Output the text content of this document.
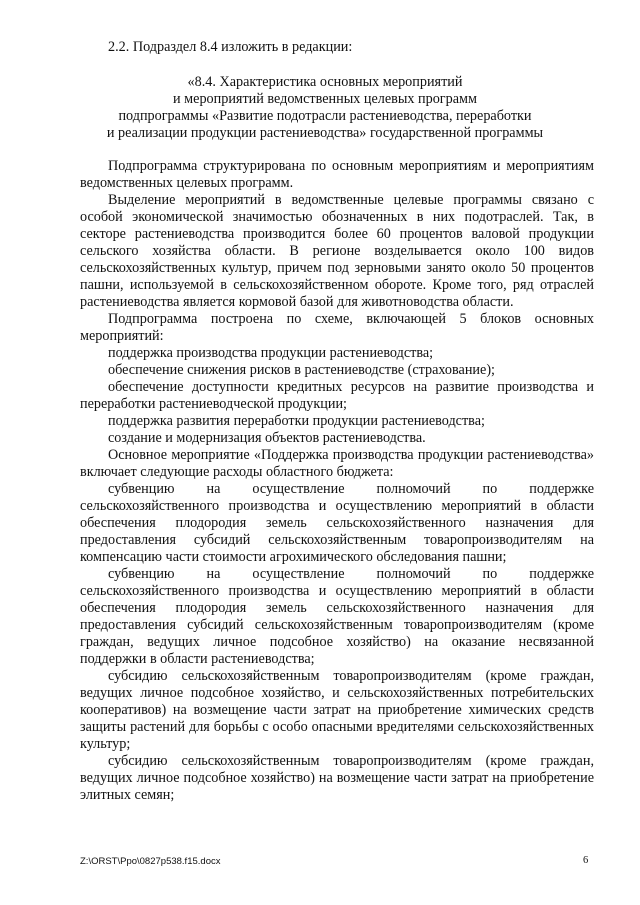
2.2. Подраздел 8.4 изложить в редакции:
«8.4. Характеристика основных мероприятий
и мероприятий ведомственных целевых программ
подпрограммы «Развитие подотрасли растениеводства, переработки
и реализации продукции растениеводства» государственной программы

Подпрограмма структурирована по основным мероприятиям и мероприятиям ведомственных целевых программ.

Выделение мероприятий в ведомственные целевые программы связано с особой экономической значимостью обозначенных в них подотраслей. Так, в секторе растениеводства производится более 60 процентов валовой продукции сельского хозяйства области. В регионе возделывается около 100 видов сельскохозяйственных культур, причем под зерновыми занято около 50 процентов пашни, используемой в сельскохозяйственном обороте. Кроме того, ряд отраслей растениеводства является кормовой базой для животноводства области.

Подпрограмма построена по схеме, включающей 5 блоков основных мероприятий:

поддержка производства продукции растениеводства;

обеспечение снижения рисков в растениеводстве (страхование);

обеспечение доступности кредитных ресурсов на развитие производства и переработки растениеводческой продукции;

поддержка развития переработки продукции растениеводства;

создание и модернизация объектов растениеводства.

Основное мероприятие «Поддержка производства продукции растениеводства» включает следующие расходы областного бюджета:

субвенцию на осуществление полномочий по поддержке сельскохозяйственного производства и осуществлению мероприятий в области обеспечения плодородия земель сельскохозяйственного назначения для предоставления субсидий сельскохозяйственным товаропроизводителям на компенсацию части стоимости агрохимического обследования пашни;

субвенцию на осуществление полномочий по поддержке сельскохозяйственного производства и осуществлению мероприятий в области обеспечения плодородия земель сельскохозяйственного назначения для предоставления субсидий сельскохозяйственным товаропроизводителям (кроме граждан, ведущих личное подсобное хозяйство) на оказание несвязанной поддержки в области растениеводства;

субсидию сельскохозяйственным товаропроизводителям (кроме граждан, ведущих личное подсобное хозяйство, и сельскохозяйственных потребительских кооперативов) на возмещение части затрат на приобретение химических средств защиты растений для борьбы с особо опасными вредителями сельскохозяйственных культур;

субсидию сельскохозяйственным товаропроизводителям (кроме граждан, ведущих личное подсобное хозяйство) на возмещение части затрат на приобретение элитных семян;

Z:\ORST\Ppo\0827p538.f15.docx	6
